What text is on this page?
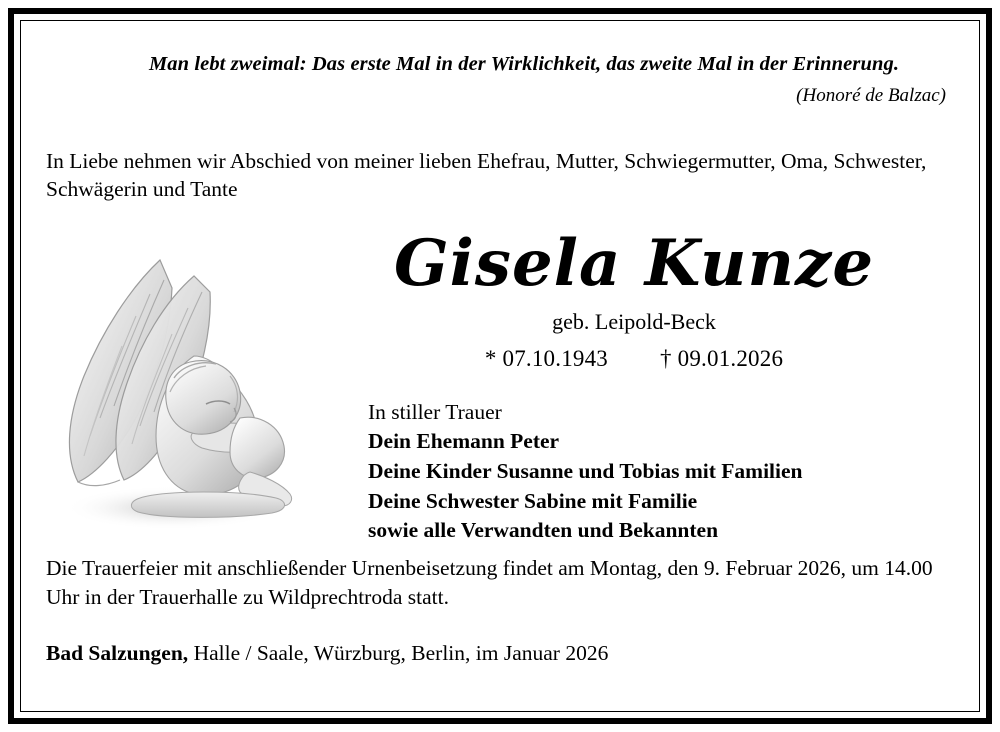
Man lebt zweimal: Das erste Mal in der Wirklichkeit, das zweite Mal in der Erinnerung.
(Honoré de Balzac)
In Liebe nehmen wir Abschied von meiner lieben Ehefrau, Mutter, Schwiegermutter, Oma, Schwester, Schwägerin und Tante
Gisela Kunze
geb. Leipold-Beck
* 07.10.1943 † 09.01.2026
In stiller Trauer
Dein Ehemann Peter
Deine Kinder Susanne und Tobias mit Familien
Deine Schwester Sabine mit Familie
sowie alle Verwandten und Bekannten
Die Trauerfeier mit anschließender Urnenbeisetzung findet am Montag, den 9. Februar 2026, um 14.00 Uhr in der Trauerhalle zu Wildprechtroda statt.
Bad Salzungen, Halle / Saale, Würzburg, Berlin, im Januar 2026
